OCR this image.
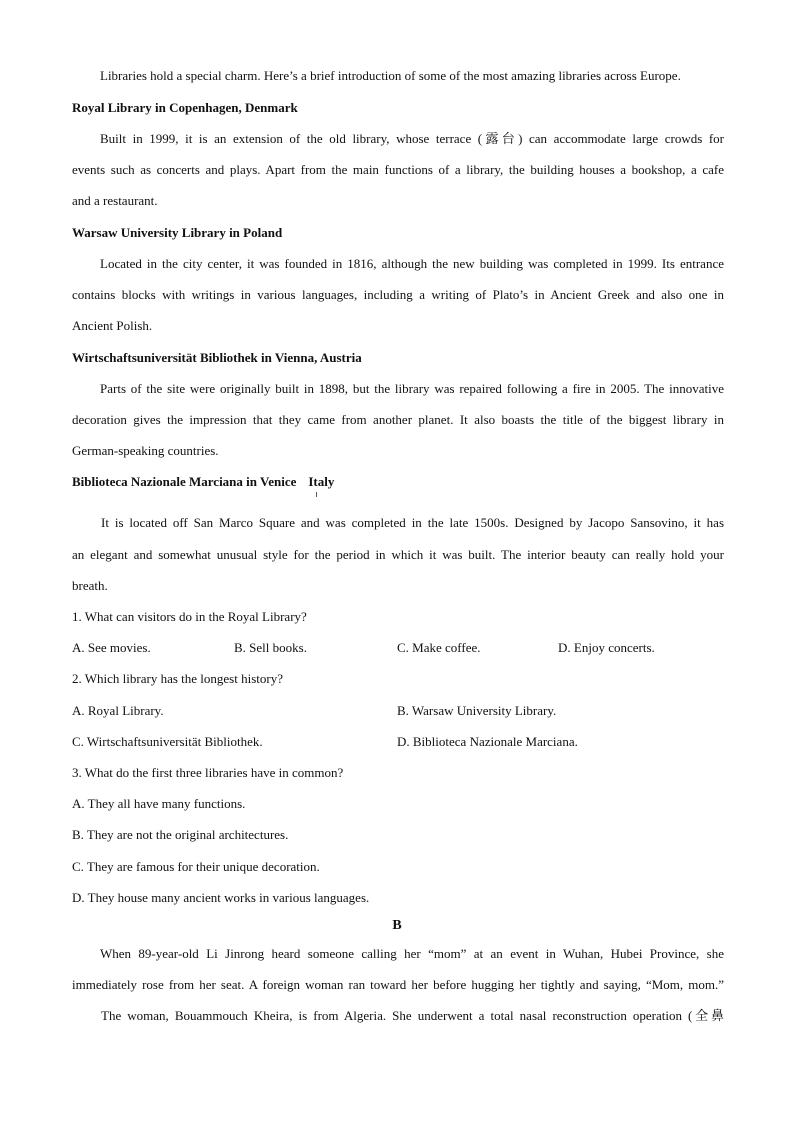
Libraries hold a special charm. Here’s a brief introduction of some of the most amazing libraries across Europe.
Royal Library in Copenhagen, Denmark
Built in 1999, it is an extension of the old library, whose terrace (露台) can accommodate large crowds for
events such as concerts and plays. Apart from the main functions of a library, the building houses a bookshop, a cafe
and a restaurant.
Warsaw University Library in Poland
Located in the city center, it was founded in 1816, although the new building was completed in 1999. Its entrance
contains blocks with writings in various languages, including a writing of Plato’s in Ancient Greek and also one in
Ancient Polish.
Wirtschaftsuniversität Bibliothek in Vienna, Austria
Parts of the site were originally built in 1898, but the library was repaired following a fire in 2005. The innovative
decoration gives the impression that they came from another planet. It also boasts the title of the biggest library in
German-speaking countries.
Biblioteca Nazionale Marciana in Venice Italy
It is located off San Marco Square and was completed in the late 1500s. Designed by Jacopo Sansovino, it has
an elegant and somewhat unusual style for the period in which it was built. The interior beauty can really hold your
breath.
1. What can visitors do in the Royal Library?
A. See movies.	B. Sell books.	C. Make coffee.	D. Enjoy concerts.
2. Which library has the longest history?
A. Royal Library.	B. Warsaw University Library.
C. Wirtschaftsuniversität Bibliothek.	D. Biblioteca Nazionale Marciana.
3. What do the first three libraries have in common?
A. They all have many functions.
B. They are not the original architectures.
C. They are famous for their unique decoration.
D. They house many ancient works in various languages.
B
When 89-year-old Li Jinrong heard someone calling her “mom” at an event in Wuhan, Hubei Province, she
immediately rose from her seat. A foreign woman ran toward her before hugging her tightly and saying, “Mom, mom.”
The woman, Bouammouch Kheira, is from Algeria. She underwent a total nasal reconstruction operation (全鼻
